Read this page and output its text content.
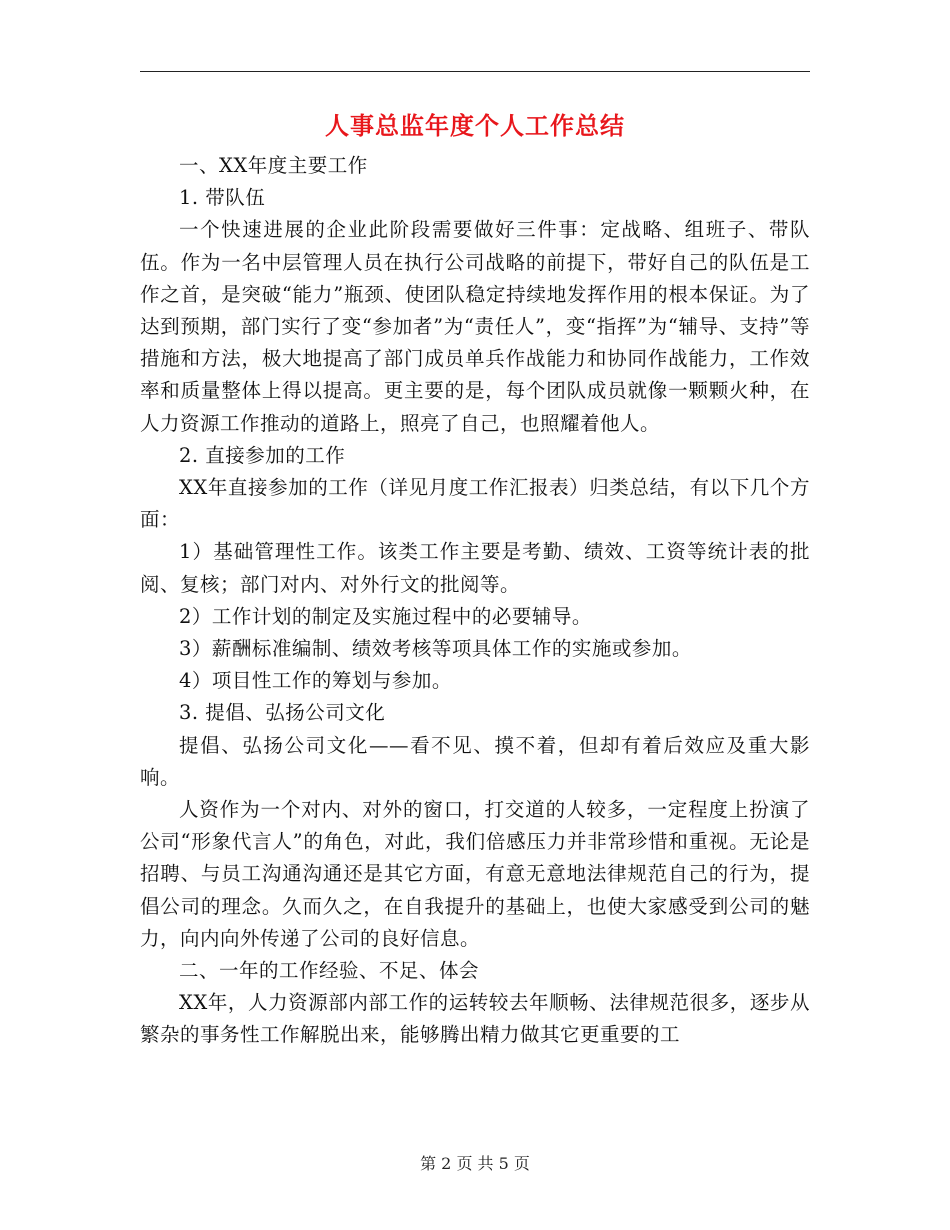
人事总监年度个人工作总结

一、XX年度主要工作

1. 带队伍

一个快速进展的企业此阶段需要做好三件事：定战略、组班子、带队伍。作为一名中层管理人员在执行公司战略的前提下，带好自己的队伍是工作之首，是突破“能力”瓶颈、使团队稳定持续地发挥作用的根本保证。为了达到预期，部门实行了变“参加者”为“责任人”，变“指挥”为“辅导、支持”等措施和方法，极大地提高了部门成员单兵作战能力和协同作战能力，工作效率和质量整体上得以提高。更主要的是，每个团队成员就像一颗颗火种，在人力资源工作推动的道路上，照亮了自己，也照耀着他人。

2. 直接参加的工作

XX年直接参加的工作（详见月度工作汇报表）归类总结，有以下几个方面：

1）基础管理性工作。该类工作主要是考勤、绩效、工资等统计表的批阅、复核；部门对内、对外行文的批阅等。

2）工作计划的制定及实施过程中的必要辅导。

3）薪酬标准编制、绩效考核等项具体工作的实施或参加。

4）项目性工作的筹划与参加。

3. 提倡、弘扬公司文化

提倡、弘扬公司文化——看不见、摸不着，但却有着后效应及重大影响。

人资作为一个对内、对外的窗口，打交道的人较多，一定程度上扮演了公司“形象代言人”的角色，对此，我们倍感压力并非常珍惜和重视。无论是招聘、与员工沟通沟通还是其它方面，有意无意地法律规范自己的行为，提倡公司的理念。久而久之，在自我提升的基础上，也使大家感受到公司的魅力，向内向外传递了公司的良好信息。

二、一年的工作经验、不足、体会

XX年，人力资源部内部工作的运转较去年顺畅、法律规范很多，逐步从繁杂的事务性工作解脱出来，能够腾出精力做其它更重要的工

第 2 页 共 5 页
